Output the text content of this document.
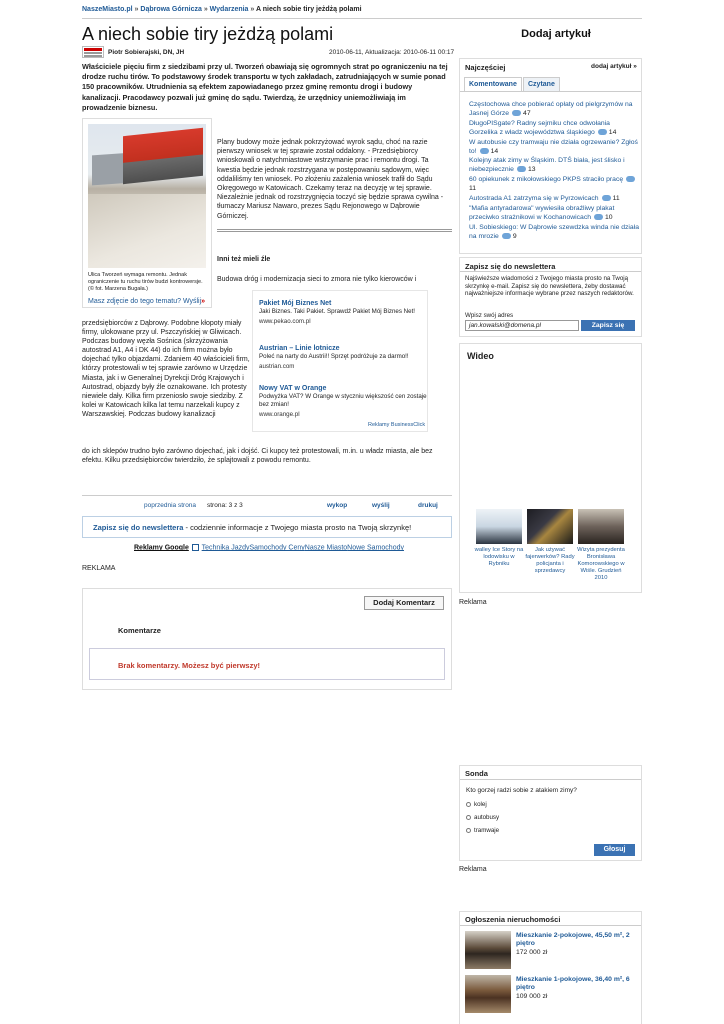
NaszeMiasto.pl » Dąbrowa Górnicza » Wydarzenia » A niech sobie tiry jeżdżą polami
A niech sobie tiry jeżdżą polami	Dodaj artykuł
Piotr Sobierajski, DN, JH	2010-06-11, Aktualizacja: 2010-06-11 00:17
Właściciele pięciu firm z siedzibami przy ul. Tworzeń obawiają się ogromnych strat po ograniczeniu na tej drodze ruchu tirów. To podstawowy środek transportu w tych zakładach, zatrudniających w sumie ponad 150 pracowników. Utrudnienia są efektem zapowiadanego przez gminę remontu drogi i budowy kanalizacji. Pracodawcy pozwali już gminę do sądu. Twierdzą, że urzędnicy uniemożliwiają im prowadzenie biznesu.
Ulica Tworzeń wymaga remontu. Jednak ograniczenie tu ruchu tirów budzi kontrowersje. (© fot. Marzena Bugała.)
Masz zdjęcie do tego tematu? Wyślij»
Plany budowy może jednak pokrzyżować wyrok sądu, choć na razie pierwszy wniosek w tej sprawie został oddalony. - Przedsiębiorcy wnioskowali o natychmiastowe wstrzymanie prac i remontu drogi. Ta kwestia będzie jednak rozstrzygana w postępowaniu sądowym, więc oddaliliśmy ten wniosek. Po złożeniu zażalenia wniosek trafił do Sądu Okręgowego w Katowicach. Czekamy teraz na decyzję w tej sprawie. Niezależnie jednak od rozstrzygnięcia toczyć się będzie sprawa cywilna - tłumaczy Mariusz Nawaro, prezes Sądu Rejonowego w Dąbrowie Górniczej.
Inni też mieli źle
Budowa dróg i modernizacja sieci to zmora nie tylko kierowców i
Pakiet Mój Biznes Net
Jaki Biznes. Taki Pakiet. Sprawdź Pakiet Mój Biznes Net!
www.pekao.com.pl
Austrian – Linie lotnicze
Poleć na narty do Austrii!! Sprzęt podróżuje za darmo!!
austrian.com
Nowy VAT w Orange
Podwyżka VAT? W Orange w styczniu większość cen zostaje bez zmian!
www.orange.pl
Reklamy BusinessClick
przedsiębiorców z Dąbrowy. Podobne kłopoty miały firmy, ulokowane przy ul. Pszczyńskiej w Gliwicach. Podczas budowy węzła Sośnica (skrzyżowania autostrad A1, A4 i DK 44) do ich firm można było dojechać tylko objazdami. Zdaniem 40 właścicieli firm, którzy protestowali w tej sprawie zarówno w Urzędzie Miasta, jak i w Generalnej Dyrekcji Dróg Krajowych i Autostrad, objazdy były źle oznakowane. Ich protesty niewiele dały. Kilka firm przeniosło swoje siedziby. Z kolei w Katowicach kilka lat temu narzekali kupcy z Warszawskiej. Podczas budowy kanalizacji
do ich sklepów trudno było zarówno dojechać, jak i dojść. Ci kupcy też protestowali, m.in. u władz miasta, ale bez efektu. Kilku przedsiębiorców twierdziło, że splajtowali z powodu remontu.
poprzednia strona strona: 3 z 3	wykop	wyślij	drukuj
Zapisz się do newslettera - codziennie informacje z Twojego miasta prosto na Twoją skrzynkę!
Reklamy Google Technika JazdySamochody CenyNasze MiastoNowe Samochody
REKLAMA
Dodaj Komentarz
Komentarze
Brak komentarzy. Możesz być pierwszy!
Najczęściej	dodaj artykuł »
Komentowane	Czytane
Częstochowa chce pobierać opłaty od pielgrzymów na Jasnej Górze 47
DługoPISgate? Radny sejmiku chce odwołania Gorzelika z władz województwa śląskiego 14
W autobusie czy tramwaju nie działa ogrzewanie? Zgłoś to! 14
Kolejny atak zimy w Śląskim. DTŚ biała, jest ślisko i niebezpiecznie 13
60 opiekunek z mikołowskiego PKPS straciło pracę11
Autostrada A1 zatrzyma się w Pyrzowicach 11
"Mafia antyradarowa" wywiesiła obraźliwy plakat przeciwko strażnikowi w Kochanowicach 10
Ul. Sobieskiego: W Dąbrowie szewdzka winda nie działa na mrozie 9
Zapisz się do newslettera
Najświeższe wiadomości z Twojego miasta prosto na Twoją skrzynkę e-mail. Zapisz się do newslettera, żeby dostawać najważniejsze informacje wybrane przez naszych redaktorów.
Wpisz swój adres
jan.kowalski@domena.pl	Zapisz się
Wideo
walley Ice Story na lodowisku w Rybniku
Jak używać fajerwerków? Rady policjanta i sprzedawcy
Wizyta prezydenta Bronisława Komorowskiego w Wiśle. Grudzień 2010
Reklama
Sonda
Kto gorzej radzi sobie z atakiem zimy?
kolej
autobusy
tramwaje
Głosuj
Reklama
Ogłoszenia nieruchomości
Mieszkanie 2-pokojowe, 45,50 m², 2 piętro
172 000 zł
Mieszkanie 1-pokojowe, 36,40 m², 6 piętro
109 000 zł
